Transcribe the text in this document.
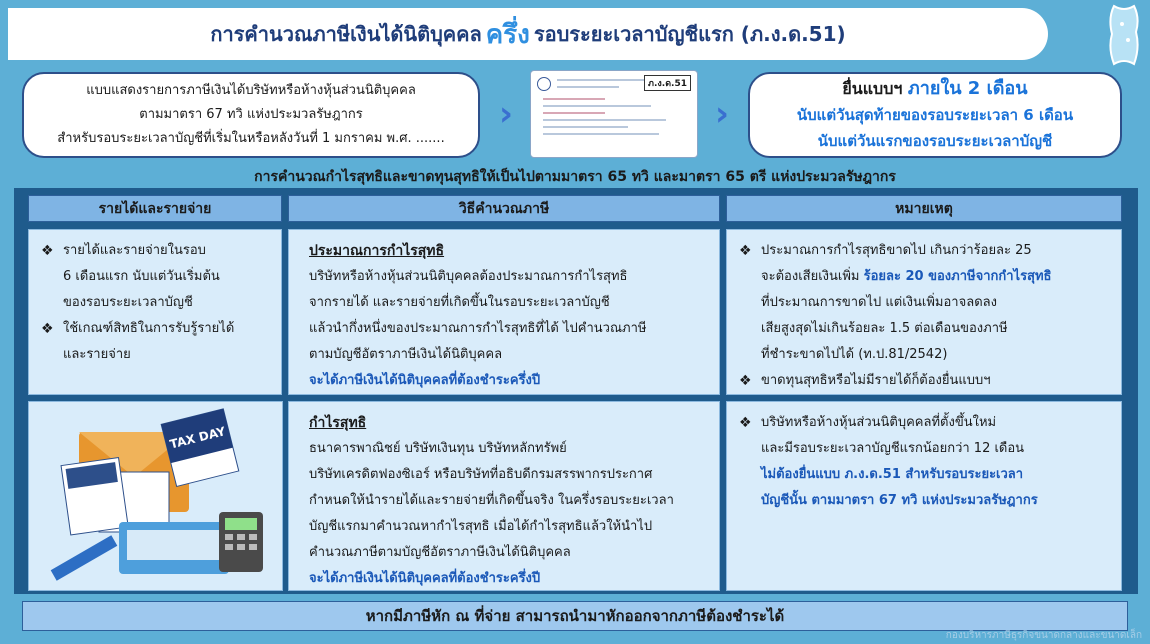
การคำนวณภาษีเงินได้นิติบุคคล ครึ่ง รอบระยะเวลาบัญชีแรก (ภ.ง.ด.51)
แบบแสดงรายการภาษีเงินได้บริษัทหรือห้างหุ้นส่วนนิติบุคคล
ตามมาตรา 67 ทวิ แห่งประมวลรัษฎากร
สำหรับรอบระยะเวลาบัญชีที่เริ่มในหรือหลังวันที่ 1 มกราคม พ.ศ. .......
›
ภ.ง.ด.51
›
ยื่นแบบฯ ภายใน 2 เดือน
นับแต่วันสุดท้ายของรอบระยะเวลา 6 เดือน
นับแต่วันแรกของรอบระยะเวลาบัญชี
การคำนวณกำไรสุทธิและขาดทุนสุทธิให้เป็นไปตามมาตรา 65 ทวิ และมาตรา 65 ตรี แห่งประมวลรัษฎากร
รายได้และรายจ่าย	วิธีคำนวณภาษี	หมายเหตุ
❖ รายได้และรายจ่ายในรอบ
6 เดือนแรก นับแต่วันเริ่มต้น
ของรอบระยะเวลาบัญชี
❖ ใช้เกณฑ์สิทธิในการรับรู้รายได้
และรายจ่าย
ประมาณการกำไรสุทธิ
บริษัทหรือห้างหุ้นส่วนนิติบุคคลต้องประมาณการกำไรสุทธิ
จากรายได้ และรายจ่ายที่เกิดขึ้นในรอบระยะเวลาบัญชี
แล้วนำกึ่งหนึ่งของประมาณการกำไรสุทธิที่ได้ ไปคำนวณภาษี
ตามบัญชีอัตราภาษีเงินได้นิติบุคคล
จะได้ภาษีเงินได้นิติบุคคลที่ต้องชำระครึ่งปี
❖ ประมาณการกำไรสุทธิขาดไป เกินกว่าร้อยละ 25
จะต้องเสียเงินเพิ่ม ร้อยละ 20 ของภาษีจากกำไรสุทธิ
ที่ประมาณการขาดไป แต่เงินเพิ่มอาจลดลง
เสียสูงสุดไม่เกินร้อยละ 1.5 ต่อเดือนของภาษี
ที่ชำระขาดไปได้ (ท.ป.81/2542)
❖ ขาดทุนสุทธิหรือไม่มีรายได้ก็ต้องยื่นแบบฯ
TAX DAY
กำไรสุทธิ
ธนาคารพาณิชย์ บริษัทเงินทุน บริษัทหลักทรัพย์
บริษัทเครดิตฟองซิเอร์ หรือบริษัทที่อธิบดีกรมสรรพากรประกาศ
กำหนดให้นำรายได้และรายจ่ายที่เกิดขึ้นจริง ในครึ่งรอบระยะเวลา
บัญชีแรกมาคำนวณหากำไรสุทธิ เมื่อได้กำไรสุทธิแล้วให้นำไป
คำนวณภาษีตามบัญชีอัตราภาษีเงินได้นิติบุคคล
จะได้ภาษีเงินได้นิติบุคคลที่ต้องชำระครึ่งปี
❖ บริษัทหรือห้างหุ้นส่วนนิติบุคคลที่ตั้งขึ้นใหม่
และมีรอบระยะเวลาบัญชีแรกน้อยกว่า 12 เดือน
ไม่ต้องยื่นแบบ ภ.ง.ด.51 สำหรับรอบระยะเวลา
บัญชีนั้น ตามมาตรา 67 ทวิ แห่งประมวลรัษฎากร
หากมีภาษีหัก ณ ที่จ่าย สามารถนำมาหักออกจากภาษีต้องชำระได้
กองบริหารภาษีธุรกิจขนาดกลางและขนาดเล็ก
